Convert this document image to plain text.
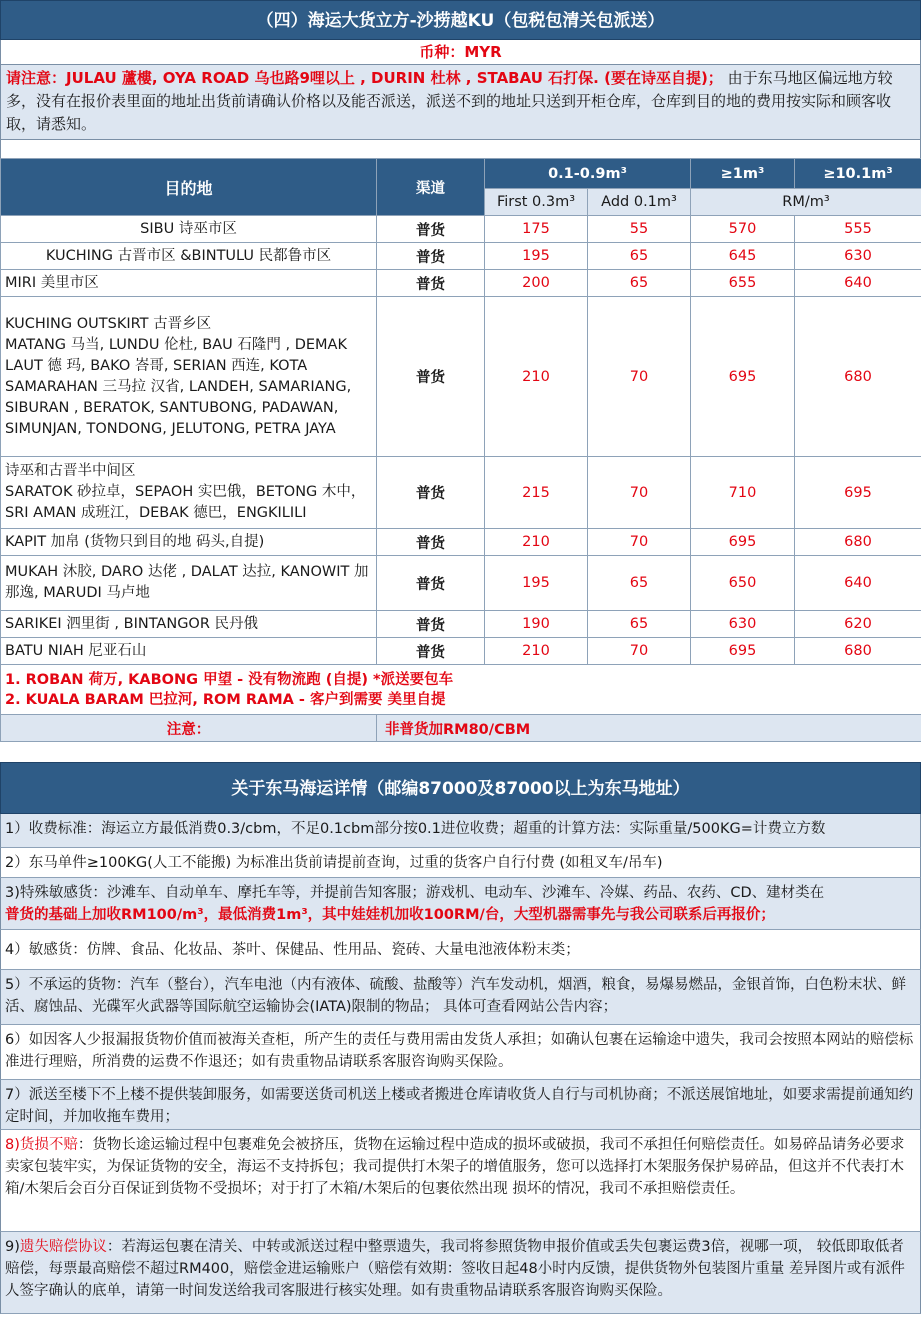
（四）海运大货立方-沙捞越KU（包税包清关包派送）
币种：MYR
请注意：JULAU 蘆樓, OYA ROAD 乌也路9哩以上 , DURIN 杜林 , STABAU 石打保. (要在诗巫自提)； 由于东马地区偏远地方较多，没有在报价表里面的地址出货前请确认价格以及能否派送，派送不到的地址只送到开柜仓库，仓库到目的地的费用按实际和顾客收取，请悉知。
目的地	渠道	0.1-0.9m³		≥1m³	≥10.1m³
		First 0.3m³	Add 0.1m³	RM/m³	
SIBU 诗巫市区	普货	175	55	570	555
KUCHING 古晋市区 &BINTULU 民都鲁市区	普货	195	65	645	630
MIRI 美里市区	普货	200	65	655	640
KUCHING OUTSKIRT 古晋乡区
MATANG 马当, LUNDU 伦杜, BAU 石隆門 , DEMAK LAUT 德 玛, BAKO 峇哥, SERIAN 西连, KOTA SAMARAHAN 三马拉 汉省, LANDEH, SAMARIANG, SIBURAN , BERATOK, SANTUBONG, PADAWAN, SIMUNJAN, TONDONG, JELUTONG, PETRA JAYA	普货	210	70	695	680
诗巫和古晋半中间区
SARATOK 砂拉卓，SEPAOH 实巴俄，BETONG 木中， SRI AMAN 成班江，DEBAK 德巴，ENGKILILI	普货	215	70	710	695
KAPIT 加帛 (货物只到目的地 码头,自提)	普货	210	70	695	680
MUKAH 沐胶, DARO 达佬 , DALAT 达拉, KANOWIT 加那逸, MARUDI 马卢地	普货	195	65	650	640
SARIKEI 泗里街 , BINTANGOR 民丹俄	普货	190	65	630	620
BATU NIAH 尼亚石山	普货	210	70	695	680

1. ROBAN 荷万, KABONG 甲望 - 没有物流跑 (自提) *派送要包车
2. KUALA BARAM 巴拉河, ROM RAMA - 客户到需要 美里自提					

注意：	非普货加RM80/CBM				
关于东马海运详情（邮编87000及87000以上为东马地址）
1）收费标准：海运立方最低消费0.3/cbm，不足0.1cbm部分按0.1进位收费；超重的计算方法：实际重量/500KG=计费立方数
2）东马单件≥100KG(人工不能搬) 为标准出货前请提前查询，过重的货客户自行付费 (如租叉车/吊车)
3)特殊敏感货：沙滩车、自动单车、摩托车等，并提前告知客服；游戏机、电动车、沙滩车、冷媒、药品、农药、CD、建材类在
普货的基础上加收RM100/m³，最低消费1m³，其中娃娃机加收100RM/台，大型机器需事先与我公司联系后再报价；
4）敏感货：仿牌、食品、化妆品、茶叶、保健品、性用品、瓷砖、大量电池液体粉末类；
5）不承运的货物：汽车（整台），汽车电池（内有液体、硫酸、盐酸等）汽车发动机，烟酒，粮食，易爆易燃品，金银首饰，白色粉末状、鲜活、腐蚀品、光碟军火武器等国际航空运输协会(IATA)限制的物品； 具体可查看网站公告内容；
6）如因客人少报漏报货物价值而被海关查柜，所产生的责任与费用需由发货人承担；如确认包裹在运输途中遗失，我司会按照本网站的赔偿标准进行理赔，所消费的运费不作退还；如有贵重物品请联系客服咨询购买保险。
7）派送至楼下不上楼不提供装卸服务，如需要送货司机送上楼或者搬进仓库请收货人自行与司机协商；不派送展馆地址，如要求需提前通知约定时间，并加收拖车费用；
8)货损不赔：货物长途运输过程中包裹难免会被挤压，货物在运输过程中造成的损坏或破损，我司不承担任何赔偿责任。如易碎品请务必要求卖家包装牢实，为保证货物的安全，海运不支持拆包；我司提供打木架子的增值服务，您可以选择打木架服务保护易碎品，但这并不代表打木箱/木架后会百分百保证到货物不受损坏；对于打了木箱/木架后的包裹依然出现 损坏的情况，我司不承担赔偿责任。
9)遗失赔偿协议：若海运包裹在清关、中转或派送过程中整票遗失，我司将参照货物申报价值或丢失包裹运费3倍，视哪一项， 较低即取低者赔偿，每票最高赔偿不超过RM400，赔偿金进运输账户（赔偿有效期：签收日起48小时内反馈，提供货物外包装图片重量 差异图片或有派件人签字确认的底单，请第一时间发送给我司客服进行核实处理。如有贵重物品请联系客服咨询购买保险。
